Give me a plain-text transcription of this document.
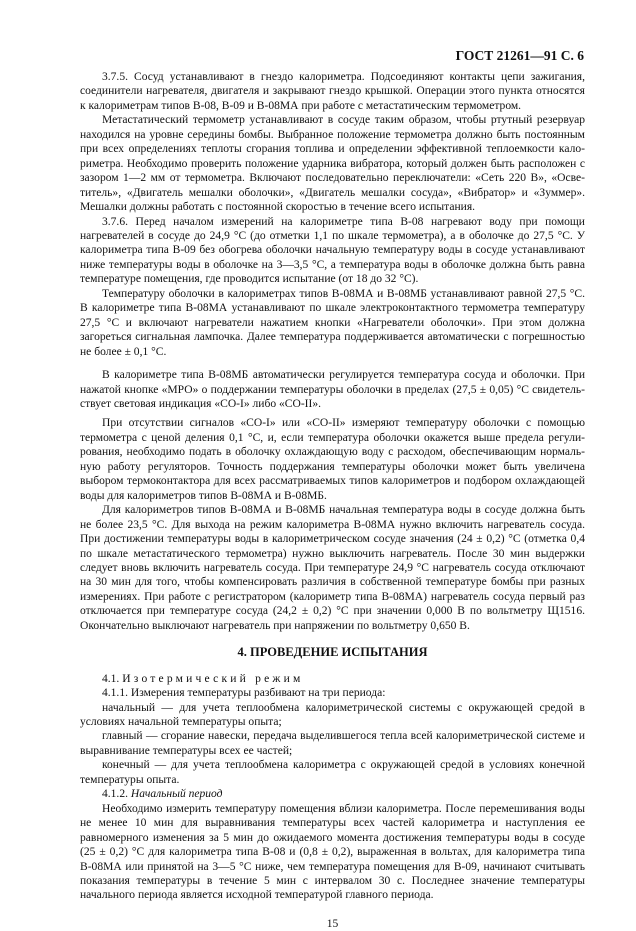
ГОСТ 21261—91 С. 6

3.7.5. Сосуд устанавливают в гнездо калориметра. Подсоединяют контакты цепи зажигания, соединители нагревателя, двигателя и закрывают гнездо крышкой. Операции этого пункта относятся к калориметрам типов В-08, В-09 и В-08МА при работе с метастатическим термометром.

Метастатический термометр устанавливают в сосуде таким образом, чтобы ртутный резервуар находился на уровне середины бомбы. Выбранное положение термометра должно быть постоянным при всех определениях теплоты сгорания топлива и определении эффективной теплоемкости калориметра. Необходимо проверить положение ударника вибратора, который должен быть расположен с зазором 1—2 мм от термометра. Включают последовательно переключатели: «Сеть 220 В», «Осветитель», «Двигатель мешалки оболочки», «Двигатель мешалки сосуда», «Вибратор» и «Зуммер». Мешалки должны работать с постоянной скоростью в течение всего испытания.

3.7.6. Перед началом измерений на калориметре типа В-08 нагревают воду при помощи нагревателей в сосуде до 24,9 °С (до отметки 1,1 по шкале термометра), а в оболочке до 27,5 °С. У калориметра типа В-09 без обогрева оболочки начальную температуру воды в сосуде устанавливают ниже температуры воды в оболочке на 3—3,5 °С, а температура воды в оболочке должна быть равна температуре помещения, где проводится испытание (от 18 до 32 °С).

Температуру оболочки в калориметрах типов В-08МА и В-08МБ устанавливают равной 27,5 °С. В калориметре типа В-08МА устанавливают по шкале электроконтактного термометра температуру 27,5 °С и включают нагреватели нажатием кнопки «Нагреватели оболочки». При этом должна загореться сигнальная лампочка. Далее температура поддерживается автоматически с погрешностью не более ± 0,1 °С.

В калориметре типа В-08МБ автоматически регулируется температура сосуда и оболочки. При нажатой кнопке «МРО» о поддержании температуры оболочки в пределах (27,5 ± 0,05) °С свидетельствует световая индикация «СО-I» либо «СО-II».

При отсутствии сигналов «СО-I» или «СО-II» измеряют температуру оболочки с помощью термометра с ценой деления 0,1 °С, и, если температура оболочки окажется выше предела регулирования, необходимо подать в оболочку охлаждающую воду с расходом, обеспечивающим нормальную работу регуляторов. Точность поддержания температуры оболочки может быть увеличена выбором термоконтактора для всех рассматриваемых типов калориметров и подбором охлаждающей воды для калориметров типов В-08МА и В-08МБ.

Для калориметров типов В-08МА и В-08МБ начальная температура воды в сосуде должна быть не более 23,5 °С. Для выхода на режим калориметра В-08МА нужно включить нагреватель сосуда. При достижении температуры воды в калориметрическом сосуде значения (24 ± 0,2) °С (отметка 0,4 по шкале метастатического термометра) нужно выключить нагреватель. После 30 мин выдержки следует вновь включить нагреватель сосуда. При температуре 24,9 °С нагреватель сосуда отключают на 30 мин для того, чтобы компенсировать различия в собственной температуре бомбы при разных измерениях. При работе с регистратором (калориметр типа В-08МА) нагреватель сосуда первый раз отключается при температуре сосуда (24,2 ± 0,2) °С при значении 0,000 В по вольтметру Щ1516. Окончательно выключают нагреватель при напряжении по вольтметру 0,650 В.

4. ПРОВЕДЕНИЕ ИСПЫТАНИЯ

4.1. Изотермический режим

4.1.1. Измерения температуры разбивают на три периода:

начальный — для учета теплообмена калориметрической системы с окружающей средой в условиях начальной температуры опыта;

главный — сгорание навески, передача выделившегося тепла всей калориметрической системе и выравнивание температуры всех ее частей;

конечный — для учета теплообмена калориметра с окружающей средой в условиях конечной температуры опыта.

4.1.2. Начальный период

Необходимо измерить температуру помещения вблизи калориметра. После перемешивания воды не менее 10 мин для выравнивания температуры всех частей калориметра и наступления ее равномерного изменения за 5 мин до ожидаемого момента достижения температуры воды в сосуде (25 ± 0,2) °С для калориметра типа В-08 и (0,8 ± 0,2), выраженная в вольтах, для калориметра типа В-08МА или принятой на 3—5 °С ниже, чем температура помещения для В-09, начинают считывать показания температуры в течение 5 мин с интервалом 30 с. Последнее значение температуры начального периода является исходной температурой главного периода.

15
